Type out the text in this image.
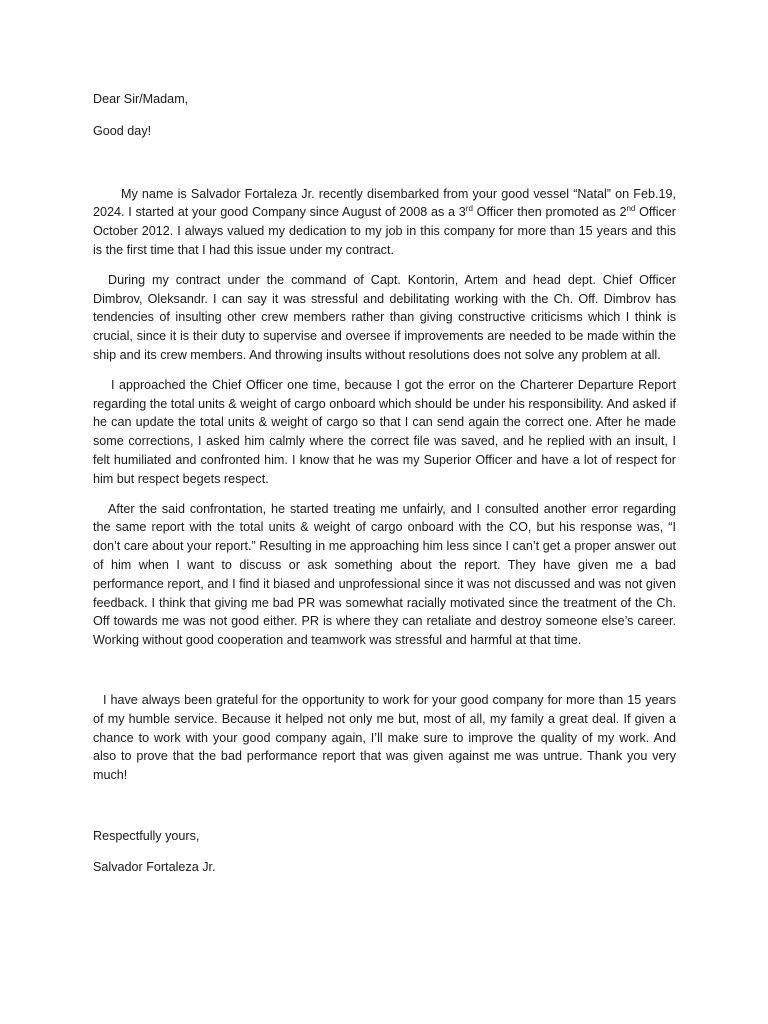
Dear Sir/Madam,

Good day!

My name is Salvador Fortaleza Jr. recently disembarked from your good vessel “Natal” on Feb.19, 2024. I started at your good Company since August of 2008 as a 3rd Officer then promoted as 2nd Officer October 2012. I always valued my dedication to my job in this company for more than 15 years and this is the first time that I had this issue under my contract.

During my contract under the command of Capt. Kontorin, Artem and head dept. Chief Officer Dimbrov, Oleksandr. I can say it was stressful and debilitating working with the Ch. Off. Dimbrov has tendencies of insulting other crew members rather than giving constructive criticisms which I think is crucial, since it is their duty to supervise and oversee if improvements are needed to be made within the ship and its crew members. And throwing insults without resolutions does not solve any problem at all.

I approached the Chief Officer one time, because I got the error on the Charterer Departure Report regarding the total units & weight of cargo onboard which should be under his responsibility. And asked if he can update the total units & weight of cargo so that I can send again the correct one. After he made some corrections, I asked him calmly where the correct file was saved, and he replied with an insult, I felt humiliated and confronted him. I know that he was my Superior Officer and have a lot of respect for him but respect begets respect.

After the said confrontation, he started treating me unfairly, and I consulted another error regarding the same report with the total units & weight of cargo onboard with the CO, but his response was, “I don’t care about your report.” Resulting in me approaching him less since I can’t get a proper answer out of him when I want to discuss or ask something about the report. They have given me a bad performance report, and I find it biased and unprofessional since it was not discussed and was not given feedback. I think that giving me bad PR was somewhat racially motivated since the treatment of the Ch. Off towards me was not good either. PR is where they can retaliate and destroy someone else’s career. Working without good cooperation and teamwork was stressful and harmful at that time.

I have always been grateful for the opportunity to work for your good company for more than 15 years of my humble service. Because it helped not only me but, most of all, my family a great deal. If given a chance to work with your good company again, I’ll make sure to improve the quality of my work. And also to prove that the bad performance report that was given against me was untrue. Thank you very much!

Respectfully yours,

Salvador Fortaleza Jr.
